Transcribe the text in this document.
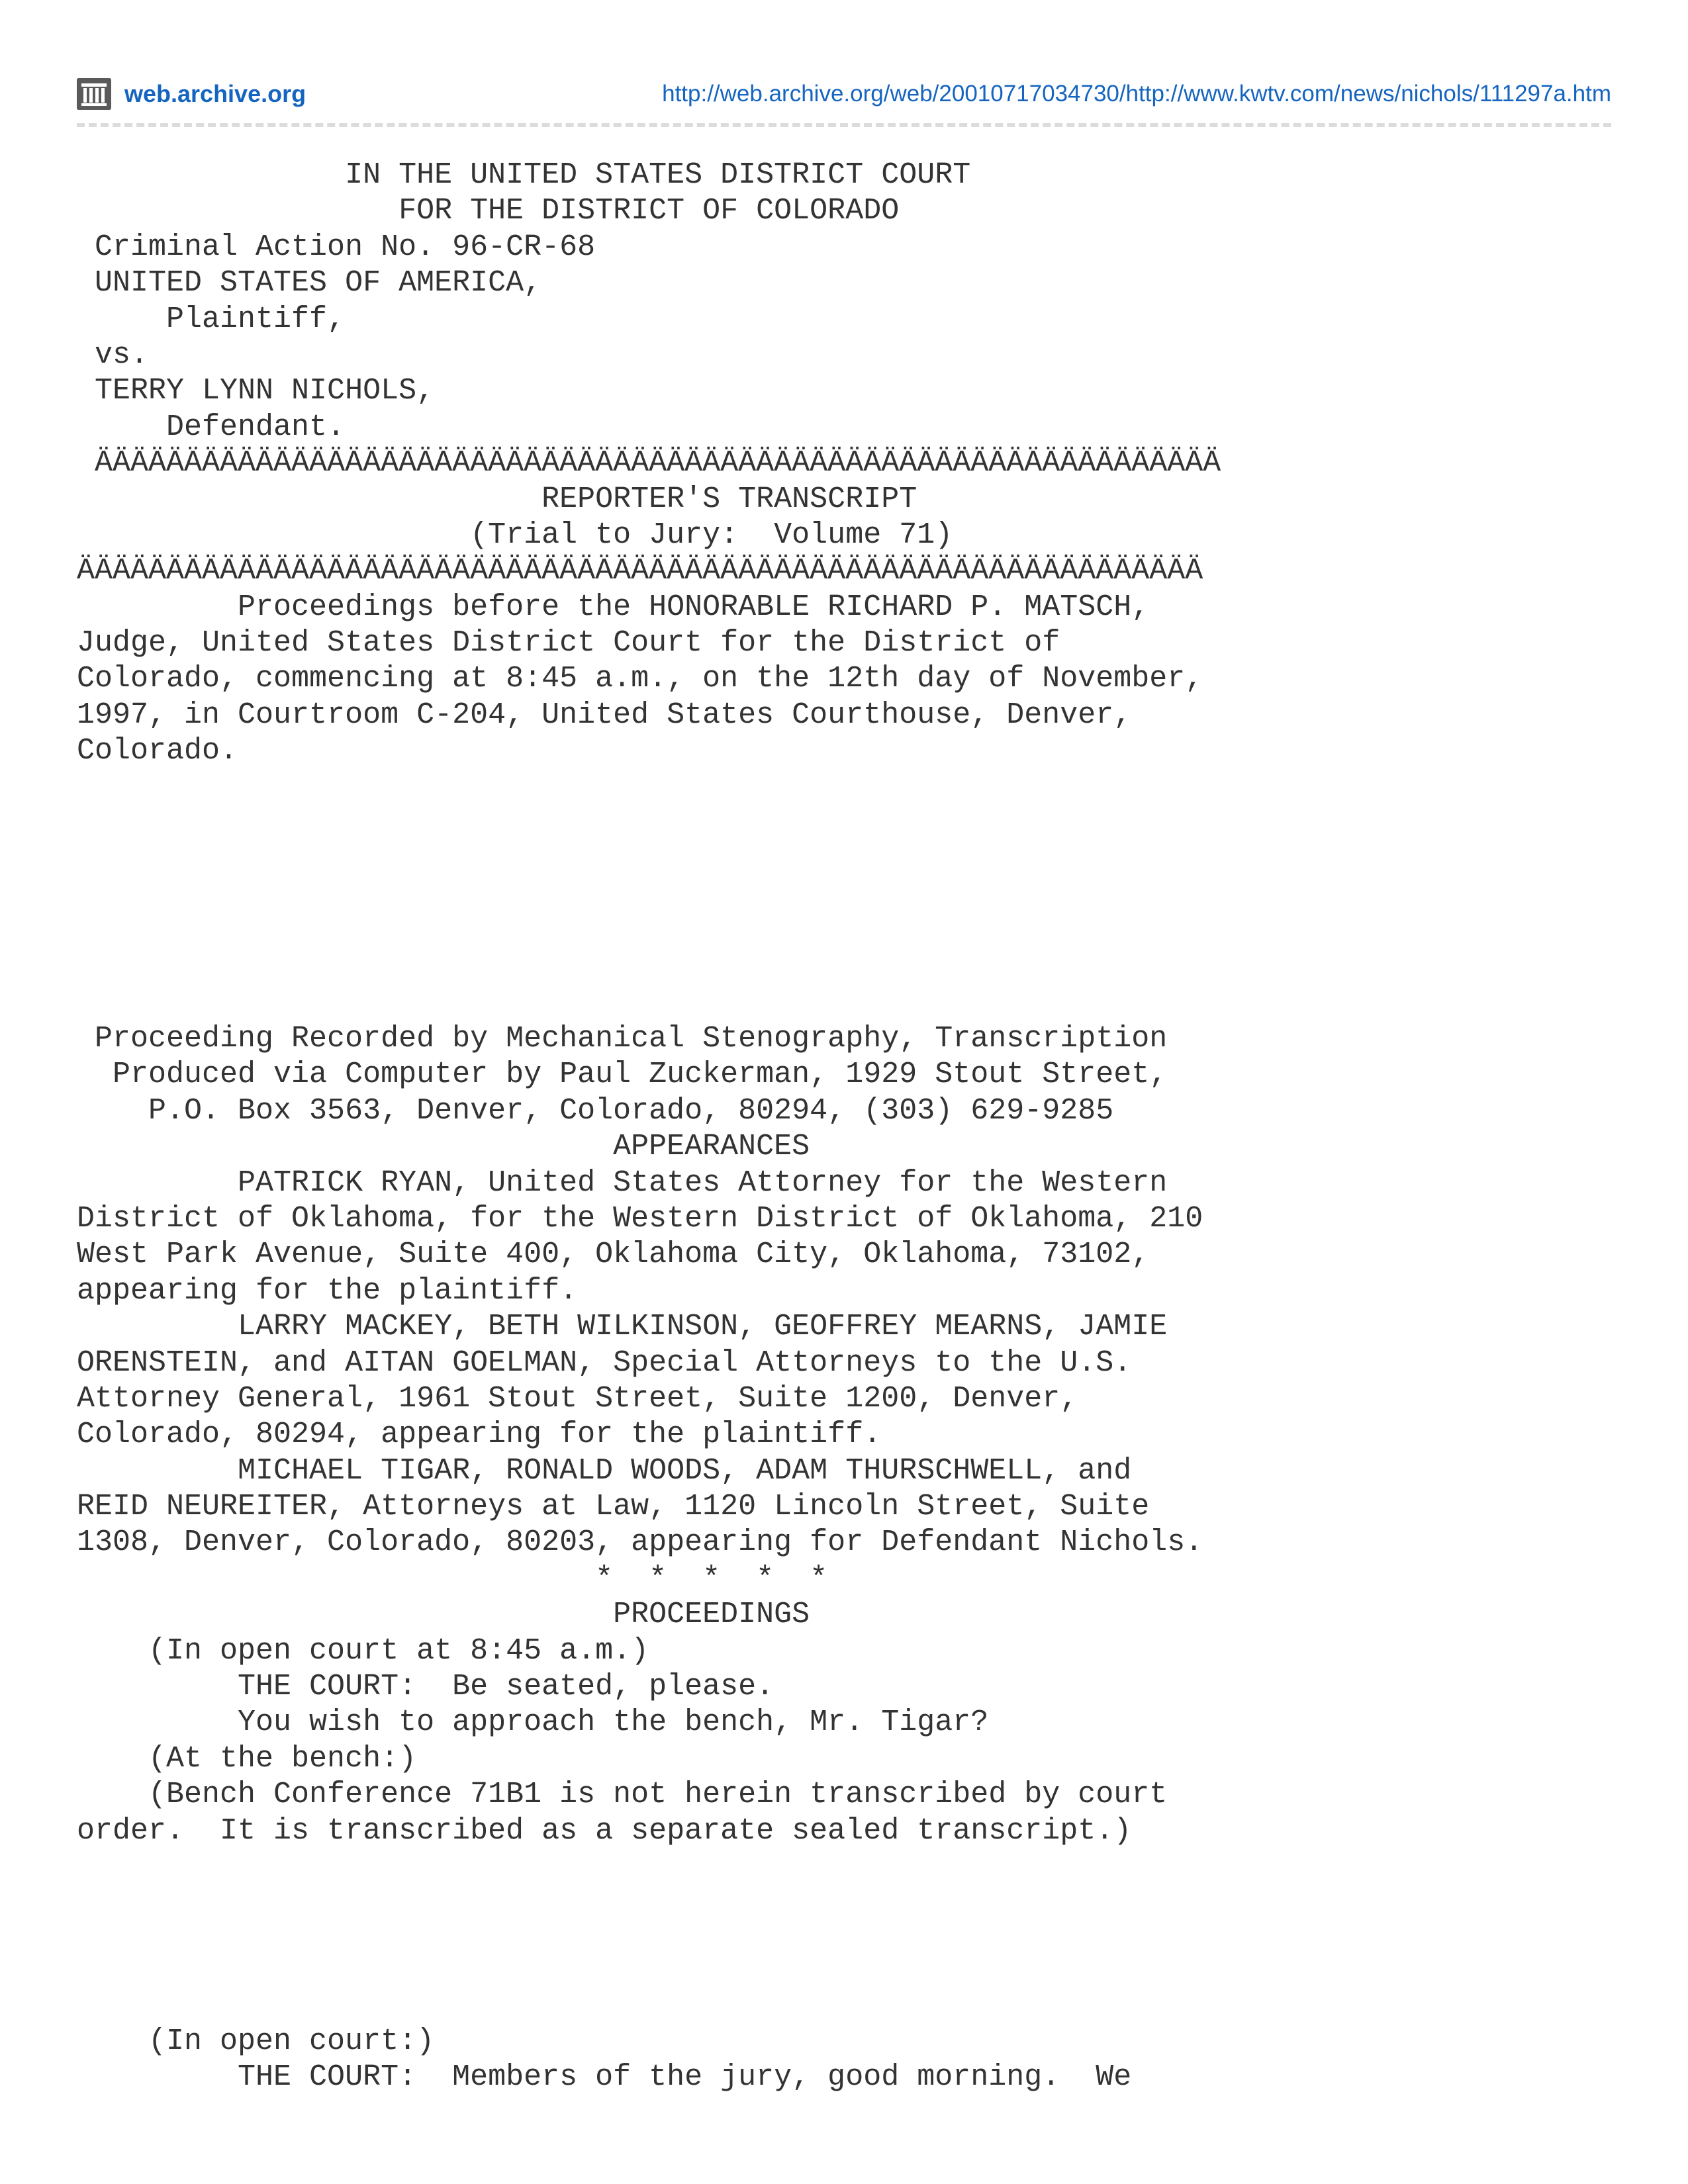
web.archive.org	http://web.archive.org/web/20010717034730/http://www.kwtv.com/news/nichols/111297a.htm
IN THE UNITED STATES DISTRICT COURT
FOR THE DISTRICT OF COLORADO
Criminal Action No. 96-CR-68
UNITED STATES OF AMERICA,
Plaintiff,
vs.
TERRY LYNN NICHOLS,
Defendant.
ÄÄÄÄÄÄÄÄÄÄÄÄÄÄÄÄÄÄÄÄÄÄÄÄÄÄÄÄÄÄÄÄÄÄÄÄÄÄÄÄÄÄÄÄÄÄÄÄÄÄÄÄÄÄÄÄÄÄÄÄÄÄÄ
REPORTER'S TRANSCRIPT
(Trial to Jury:  Volume 71)
ÄÄÄÄÄÄÄÄÄÄÄÄÄÄÄÄÄÄÄÄÄÄÄÄÄÄÄÄÄÄÄÄÄÄÄÄÄÄÄÄÄÄÄÄÄÄÄÄÄÄÄÄÄÄÄÄÄÄÄÄÄÄÄ
Proceedings before the HONORABLE RICHARD P. MATSCH,
Judge, United States District Court for the District of
Colorado, commencing at 8:45 a.m., on the 12th day of November,
1997, in Courtroom C-204, United States Courthouse, Denver,
Colorado.
Proceeding Recorded by Mechanical Stenography, Transcription
Produced via Computer by Paul Zuckerman, 1929 Stout Street,
P.O. Box 3563, Denver, Colorado, 80294, (303) 629-9285
APPEARANCES
PATRICK RYAN, United States Attorney for the Western
District of Oklahoma, for the Western District of Oklahoma, 210
West Park Avenue, Suite 400, Oklahoma City, Oklahoma, 73102,
appearing for the plaintiff.
LARRY MACKEY, BETH WILKINSON, GEOFFREY MEARNS, JAMIE
ORENSTEIN, and AITAN GOELMAN, Special Attorneys to the U.S.
Attorney General, 1961 Stout Street, Suite 1200, Denver,
Colorado, 80294, appearing for the plaintiff.
MICHAEL TIGAR, RONALD WOODS, ADAM THURSCHWELL, and
REID NEUREITER, Attorneys at Law, 1120 Lincoln Street, Suite
1308, Denver, Colorado, 80203, appearing for Defendant Nichols.
*  *  *  *  *
PROCEEDINGS
(In open court at 8:45 a.m.)
THE COURT:  Be seated, please.
You wish to approach the bench, Mr. Tigar?
(At the bench:)
(Bench Conference 71B1 is not herein transcribed by court
order.  It is transcribed as a separate sealed transcript.)
(In open court:)
THE COURT:  Members of the jury, good morning.  We
